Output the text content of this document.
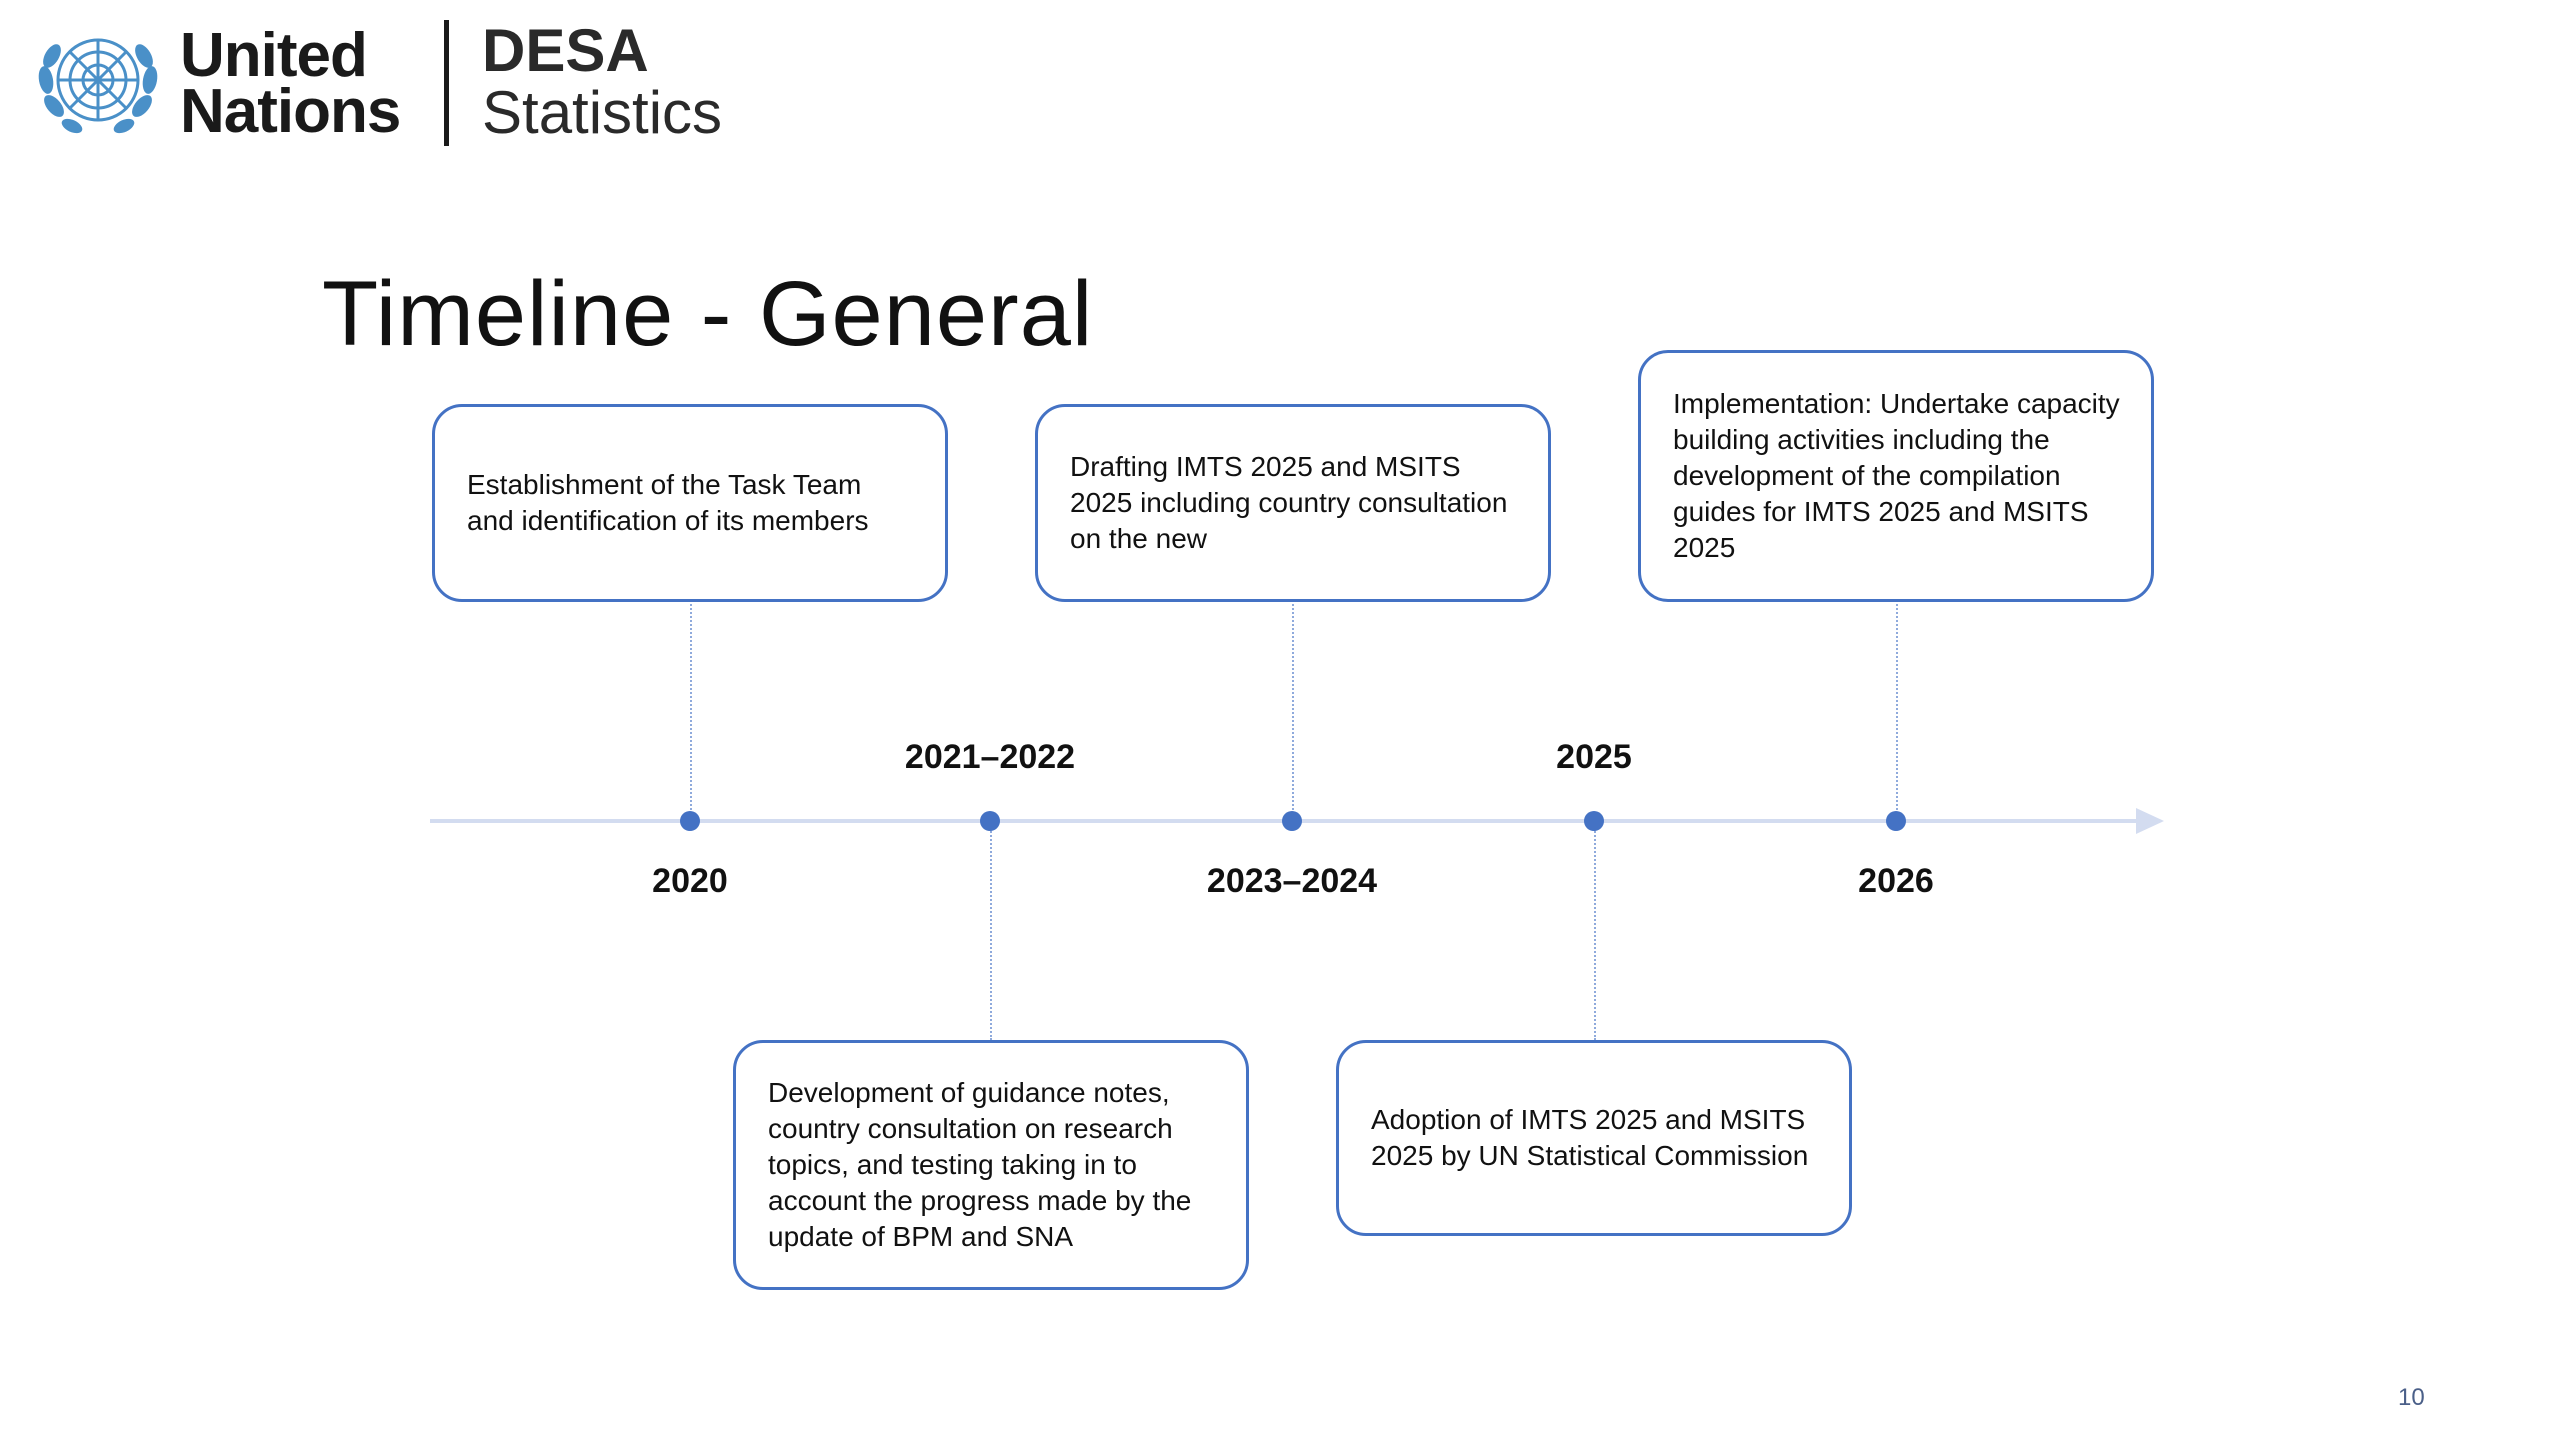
United
Nations
DESA
Statistics
Timeline - General
2020
Establishment of the Task Team and identification of its members
2021–2022
Development of guidance notes, country consultation on research topics, and testing taking in to account the progress made by the update of BPM and SNA
2023–2024
Drafting IMTS 2025 and MSITS 2025 including country consultation on the new
2025
Adoption of IMTS 2025 and MSITS 2025 by UN Statistical Commission
2026
Implementation: Undertake capacity building activities including the development of the compilation guides for IMTS 2025 and MSITS 2025
10
